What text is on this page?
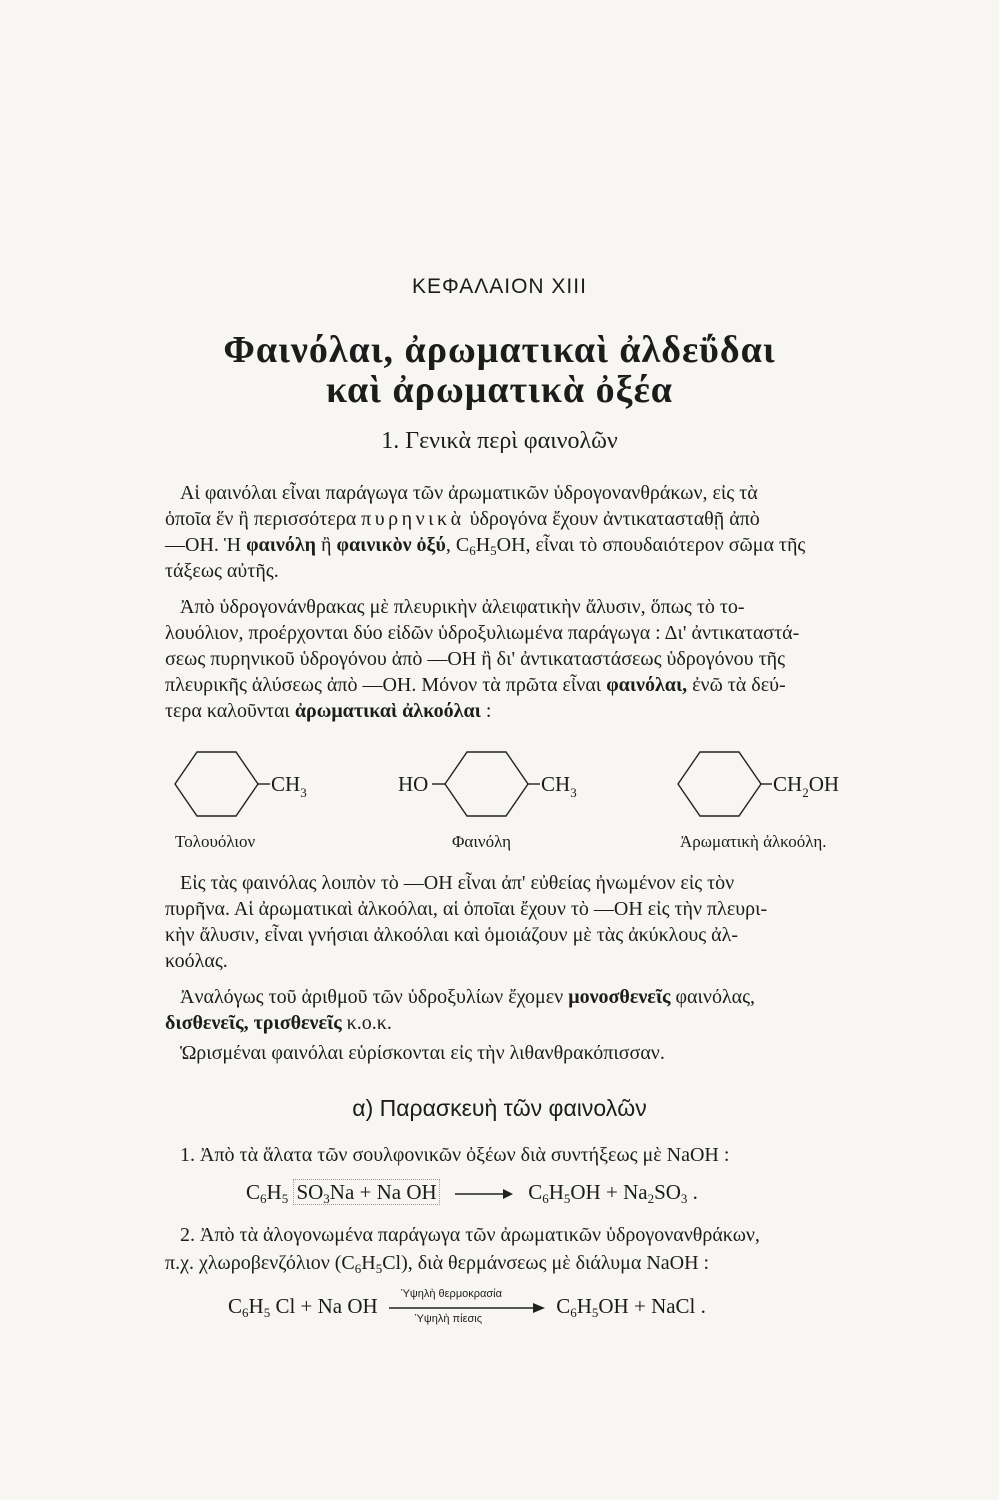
ΚΕΦΑΛΑΙΟΝ XIII
Φαινόλαι, ἀρωματικαὶ ἀλδεΰδαι
καὶ ἀρωματικὰ ὀξέα
1. Γενικὰ περὶ φαινολῶν
Αἱ φαινόλαι εἶναι παράγωγα τῶν ἀρωματικῶν ὑδρογονανθράκων, εἰς τὰ
ὁποῖα ἕν ἢ περισσότερα πυρηνικὰ ὑδρογόνα ἔχουν ἀντικατασταθῇ ἀπὸ
—ΟΗ. Ἡ φαινόλη ἢ φαινικὸν ὀξύ, $C_6H_5OH$, εἶναι τὸ σπουδαιότερον σῶμα τῆς
τάξεως αὐτῆς.
Ἀπὸ ὑδρογονάνθρακας μὲ πλευρικὴν ἀλειφατικὴν ἄλυσιν, ὅπως τὸ το-
λουόλιον, προέρχονται δύο εἰδῶν ὑδροξυλιωμένα παράγωγα : Δι' ἀντικαταστά-
σεως πυρηνικοῦ ὑδρογόνου ἀπὸ —ΟΗ ἢ δι' ἀντικαταστάσεως ὑδρογόνου τῆς
πλευρικῆς ἁλύσεως ἀπὸ —ΟΗ. Μόνον τὰ πρῶτα εἶναι φαινόλαι, ἐνῶ τὰ δεύ-
τερα καλοῦνται ἀρωματικαὶ ἀλκοόλαι :
$CH_3$	HO	$CH_3$	$CH_2OH$
Τολουόλιον	Φαινόλη	Ἀρωματικὴ ἀλκοόλη.
Εἰς τὰς φαινόλας λοιπὸν τὸ —ΟΗ εἶναι ἀπ' εὐθείας ἠνωμένον εἰς τὸν
πυρῆνα. Αἱ ἀρωματικαὶ ἀλκοόλαι, αἱ ὁποῖαι ἔχουν τὸ —ΟΗ εἰς τὴν πλευρι-
κὴν ἄλυσιν, εἶναι γνήσιαι ἀλκοόλαι καὶ ὁμοιάζουν μὲ τὰς ἀκύκλους ἀλ-
κοόλας.
Ἀναλόγως τοῦ ἀριθμοῦ τῶν ὑδροξυλίων ἔχομεν μονοσθενεῖς φαινόλας,
δισθενεῖς, τρισθενεῖς κ.ο.κ.
Ὡρισμέναι φαινόλαι εὑρίσκονται εἰς τὴν λιθανθρακόπισσαν.
α) Παρασκευὴ τῶν φαινολῶν
1. Ἀπὸ τὰ ἅλατα τῶν σουλφονικῶν ὀξέων διὰ συντήξεως μὲ NaOH :
$C_6H_5$ $SO_3Na + Na$ OH	$C_6H_5OH + Na_2SO_3$ .
2. Ἀπὸ τὰ ἀλογονωμένα παράγωγα τῶν ἀρωματικῶν ὑδρογονανθράκων,
π.χ. χλωροβενζόλιον $(C_6H_5Cl)$, διὰ θερμάνσεως μὲ διάλυμα NaOH :
$C_6H_5$ Cl + Na OH Ὑψηλὴ θερμοκρασία
Ὑψηλὴ πίεσις
$C_6H_5OH$ + NaCl .
